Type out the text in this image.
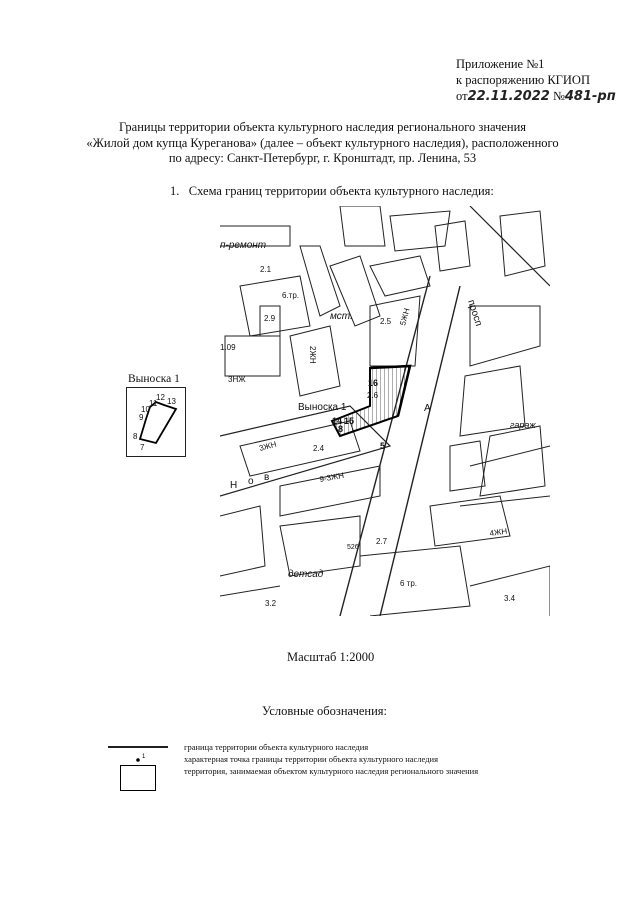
Приложение №1
к распоряжению КГИОП
от22.11.2022 №481-рп
Границы территории объекта культурного наследия регионального значения
«Жилой дом купца Куреганова» (далее – объект культурного наследия), расположенного
по адресу: Санкт-Петербург, г. Кронштадт, пр. Ленина, 53
1.   Схема границ территории объекта культурного наследия:
п-ремонт
мст.
гараж
детсад
6.тр.
6 тр.
2.1
2.9	2.5
2.4
2.7
2.6
3.2
3.4
1.09
3ЖН
2ЖН
5ЖН
9-3ЖН
4ЖН
3НЖ
А
просп
Н о в
8
16
14 15
5
526
Выноска 1
Выноска 1
7
8
9
10
11
12 13
Масштаб 1:2000
Условные обозначения:
граница территории объекта культурного наследия
1	характерная точка границы территории объекта культурного наследия
территория, занимаемая объектом культурного наследия регионального значения
